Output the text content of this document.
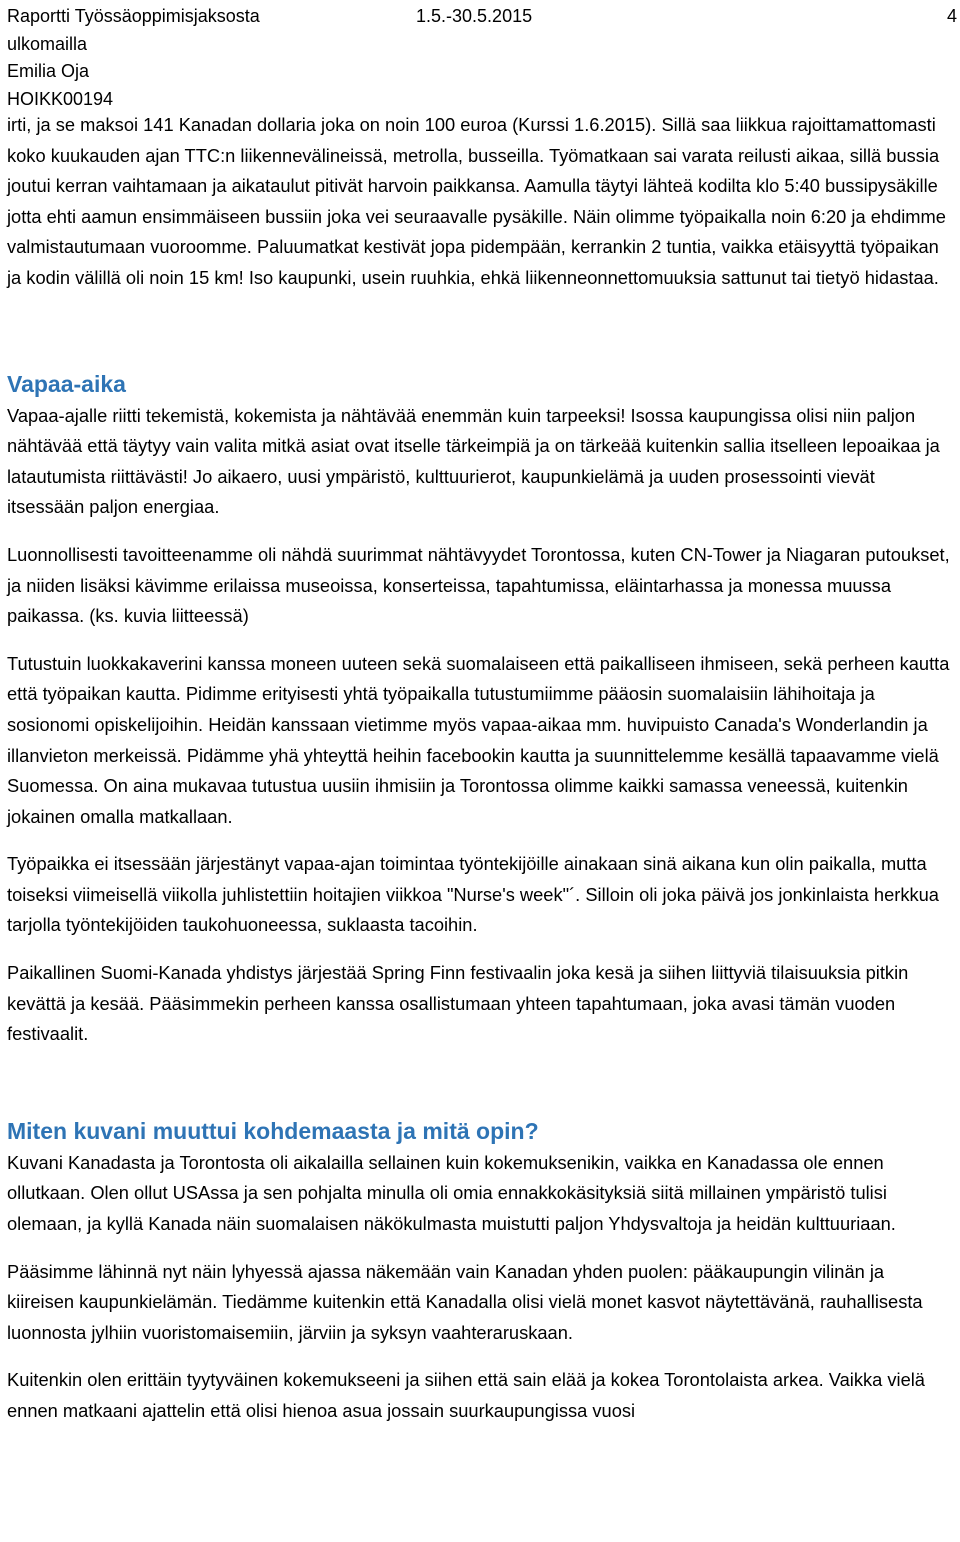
Raportti Työssäoppimisjaksosta	1.5.-30.5.2015	4
ulkomailla
Emilia Oja
HOIKK00194

irti, ja se maksoi 141 Kanadan dollaria joka on noin 100 euroa (Kurssi 1.6.2015). Sillä saa liikkua rajoittamattomasti koko kuukauden ajan TTC:n liikennevälineissä, metrolla, busseilla. Työmatkaan sai varata reilusti aikaa, sillä bussia joutui kerran vaihtamaan ja aikataulut pitivät harvoin paikkansa. Aamulla täytyi lähteä kodilta klo 5:40 bussipysäkille jotta ehti aamun ensimmäiseen bussiin joka vei seuraavalle pysäkille. Näin olimme työpaikalla noin 6:20 ja ehdimme valmistautumaan vuoroomme. Paluumatkat kestivät jopa pidempään, kerrankin 2 tuntia, vaikka etäisyyttä työpaikan ja kodin välillä oli noin 15 km! Iso kaupunki, usein ruuhkia, ehkä liikenneonnettomuuksia sattunut tai tietyö hidastaa.

Vapaa-aika

Vapaa-ajalle riitti tekemistä, kokemista ja nähtävää enemmän kuin tarpeeksi! Isossa kaupungissa olisi niin paljon nähtävää että täytyy vain valita mitkä asiat ovat itselle tärkeimpiä ja on tärkeää kuitenkin sallia itselleen lepoaikaa ja latautumista riittävästi! Jo aikaero, uusi ympäristö, kulttuurierot, kaupunkielämä ja uuden prosessointi vievät itsessään paljon energiaa.

Luonnollisesti tavoitteenamme oli nähdä suurimmat nähtävyydet Torontossa, kuten CN-Tower ja Niagaran putoukset, ja niiden lisäksi kävimme erilaissa museoissa, konserteissa, tapahtumissa, eläintarhassa ja monessa muussa paikassa. (ks. kuvia liitteessä)

Tutustuin luokkakaverini kanssa moneen uuteen sekä suomalaiseen että paikalliseen ihmiseen, sekä perheen kautta että työpaikan kautta. Pidimme erityisesti yhtä työpaikalla tutustumiimme pääosin suomalaisiin lähihoitaja ja sosionomi opiskelijoihin. Heidän kanssaan vietimme myös vapaa-aikaa mm. huvipuisto Canada's Wonderlandin ja illanvieton merkeissä. Pidämme yhä yhteyttä heihin facebookin kautta ja suunnittelemme kesällä tapaavamme vielä Suomessa. On aina mukavaa tutustua uusiin ihmisiin ja Torontossa olimme kaikki samassa veneessä, kuitenkin jokainen omalla matkallaan.

Työpaikka ei itsessään järjestänyt vapaa-ajan toimintaa työntekijöille ainakaan sinä aikana kun olin paikalla, mutta toiseksi viimeisellä viikolla juhlistettiin hoitajien viikkoa "Nurse's week"´. Silloin oli joka päivä jos jonkinlaista herkkua tarjolla työntekijöiden taukohuoneessa, suklaasta tacoihin.

Paikallinen Suomi-Kanada yhdistys järjestää Spring Finn festivaalin joka kesä ja siihen liittyviä tilaisuuksia pitkin kevättä ja kesää. Pääsimmekin perheen kanssa osallistumaan yhteen tapahtumaan, joka avasi tämän vuoden festivaalit.

Miten kuvani muuttui kohdemaasta ja mitä opin?

Kuvani Kanadasta ja Torontosta oli aikalailla sellainen kuin kokemuksenikin, vaikka en Kanadassa ole ennen ollutkaan. Olen ollut USAssa ja sen pohjalta minulla oli omia ennakkokäsityksiä siitä millainen ympäristö tulisi olemaan, ja kyllä Kanada näin suomalaisen näkökulmasta muistutti paljon Yhdysvaltoja ja heidän kulttuuriaan.

Pääsimme lähinnä nyt näin lyhyessä ajassa näkemään vain Kanadan yhden puolen: pääkaupungin vilinän ja kiireisen kaupunkielämän. Tiedämme kuitenkin että Kanadalla olisi vielä monet kasvot näytettävänä, rauhallisesta luonnosta jylhiin vuoristomaisemiin, järviin ja syksyn vaahteraruskaan.

Kuitenkin olen erittäin tyytyväinen kokemukseeni ja siihen että sain elää ja kokea Torontolaista arkea. Vaikka vielä ennen matkaani ajattelin että olisi hienoa asua jossain suurkaupungissa vuosi
